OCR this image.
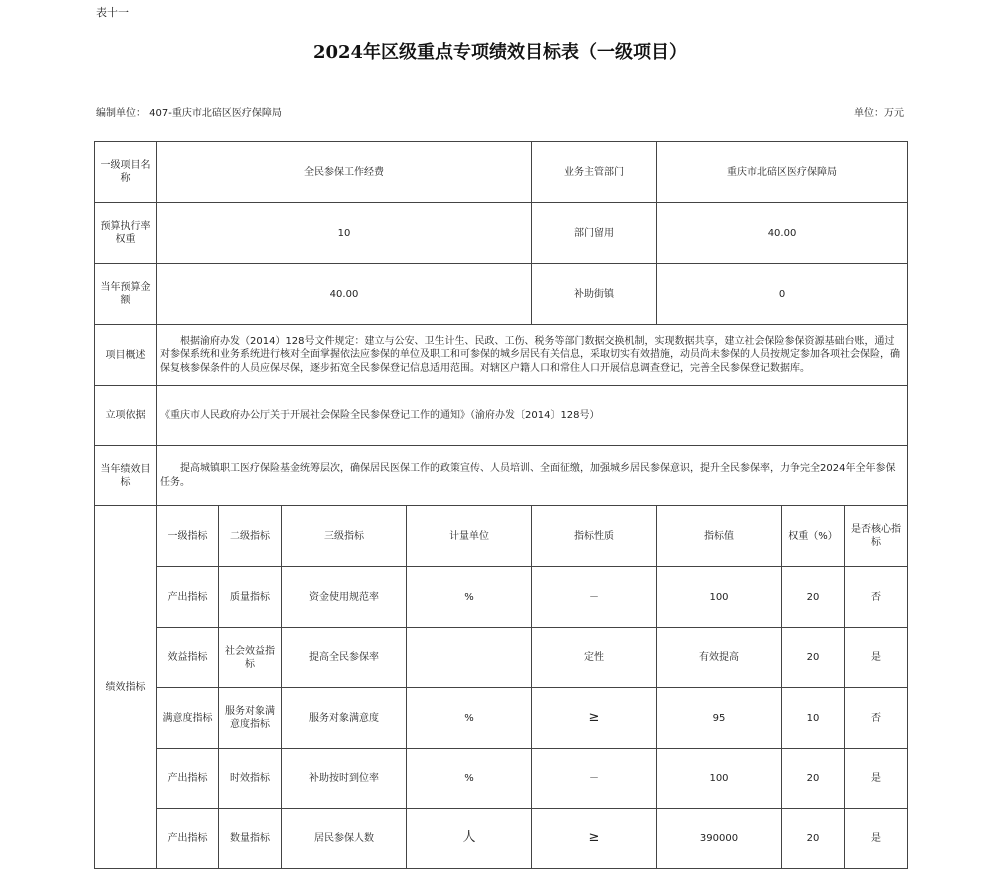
表十一
2024年区级重点专项绩效目标表（一级项目）
编制单位： 407-重庆市北碚区医疗保障局	单位：万元
一级项目名称	全民参保工作经费				业务主管部门	重庆市北碚区医疗保障局		
预算执行率权重	10				部门留用	40.00		
当年预算金额	40.00				补助街镇	0		
项目概述	根据渝府办发（2014）128号文件规定：建立与公安、卫生计生、民政、工伤、税务等部门数据交换机制，实现数据共享，建立社会保险参保资源基础台账，通过对参保系统和业务系统进行核对全面掌握依法应参保的单位及职工和可参保的城乡居民有关信息，采取切实有效措施，动员尚未参保的人员按规定参加各项社会保险，确保复核参保条件的人员应保尽保，逐步拓宽全民参保登记信息适用范围。对辖区户籍人口和常住人口开展信息调查登记，完善全民参保登记数据库。							
立项依据	《重庆市人民政府办公厅关于开展社会保险全民参保登记工作的通知》（渝府办发〔2014〕128号）							
当年绩效目标	提高城镇职工医疗保险基金统筹层次，确保居民医保工作的政策宣传、人员培训、全面征缴，加强城乡居民参保意识，提升全民参保率，力争完全2024年全年参保任务。							
绩效指标	一级指标	二级指标	三级指标	计量单位	指标性质	指标值	权重（%）	是否核心指标
	产出指标	质量指标	资金使用规范率	%	－	100	20	否
	效益指标	社会效益指标	提高全民参保率		定性	有效提高	20	是
	满意度指标	服务对象满意度指标	服务对象满意度	%	≥	95	10	否
	产出指标	时效指标	补助按时到位率	%	－	100	20	是
	产出指标	数量指标	居民参保人数	人	≥	390000	20	是
